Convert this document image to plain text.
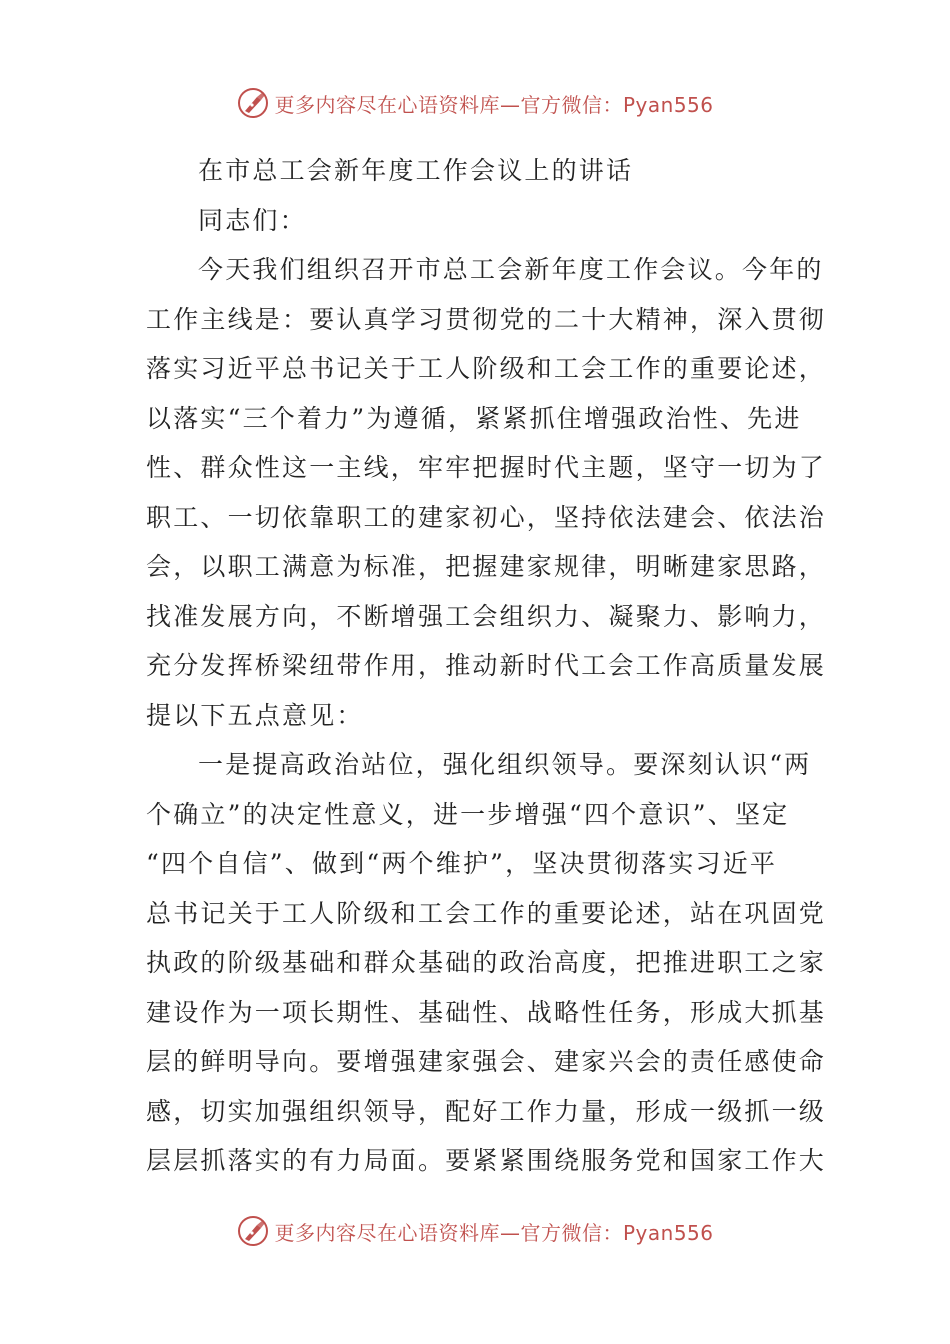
更多内容尽在心语资料库—官方微信：Pyan556
在市总工会新年度工作会议上的讲话
同志们：
今天我们组织召开市总工会新年度工作会议。今年的
工作主线是：要认真学习贯彻党的二十大精神，深入贯彻
落实习近平总书记关于工人阶级和工会工作的重要论述，
以落实“三个着力”为遵循，紧紧抓住增强政治性、先进
性、群众性这一主线，牢牢把握时代主题，坚守一切为了
职工、一切依靠职工的建家初心，坚持依法建会、依法治
会，以职工满意为标准，把握建家规律，明晰建家思路，
找准发展方向，不断增强工会组织力、凝聚力、影响力，
充分发挥桥梁纽带作用，推动新时代工会工作高质量发展
提以下五点意见：
一是提高政治站位，强化组织领导。要深刻认识“两
个确立”的决定性意义，进一步增强“四个意识”、坚定
“四个自信”、做到“两个维护”，坚决贯彻落实习近平
总书记关于工人阶级和工会工作的重要论述，站在巩固党
执政的阶级基础和群众基础的政治高度，把推进职工之家
建设作为一项长期性、基础性、战略性任务，形成大抓基
层的鲜明导向。要增强建家强会、建家兴会的责任感使命
感，切实加强组织领导，配好工作力量，形成一级抓一级
层层抓落实的有力局面。要紧紧围绕服务党和国家工作大
更多内容尽在心语资料库—官方微信：Pyan556
